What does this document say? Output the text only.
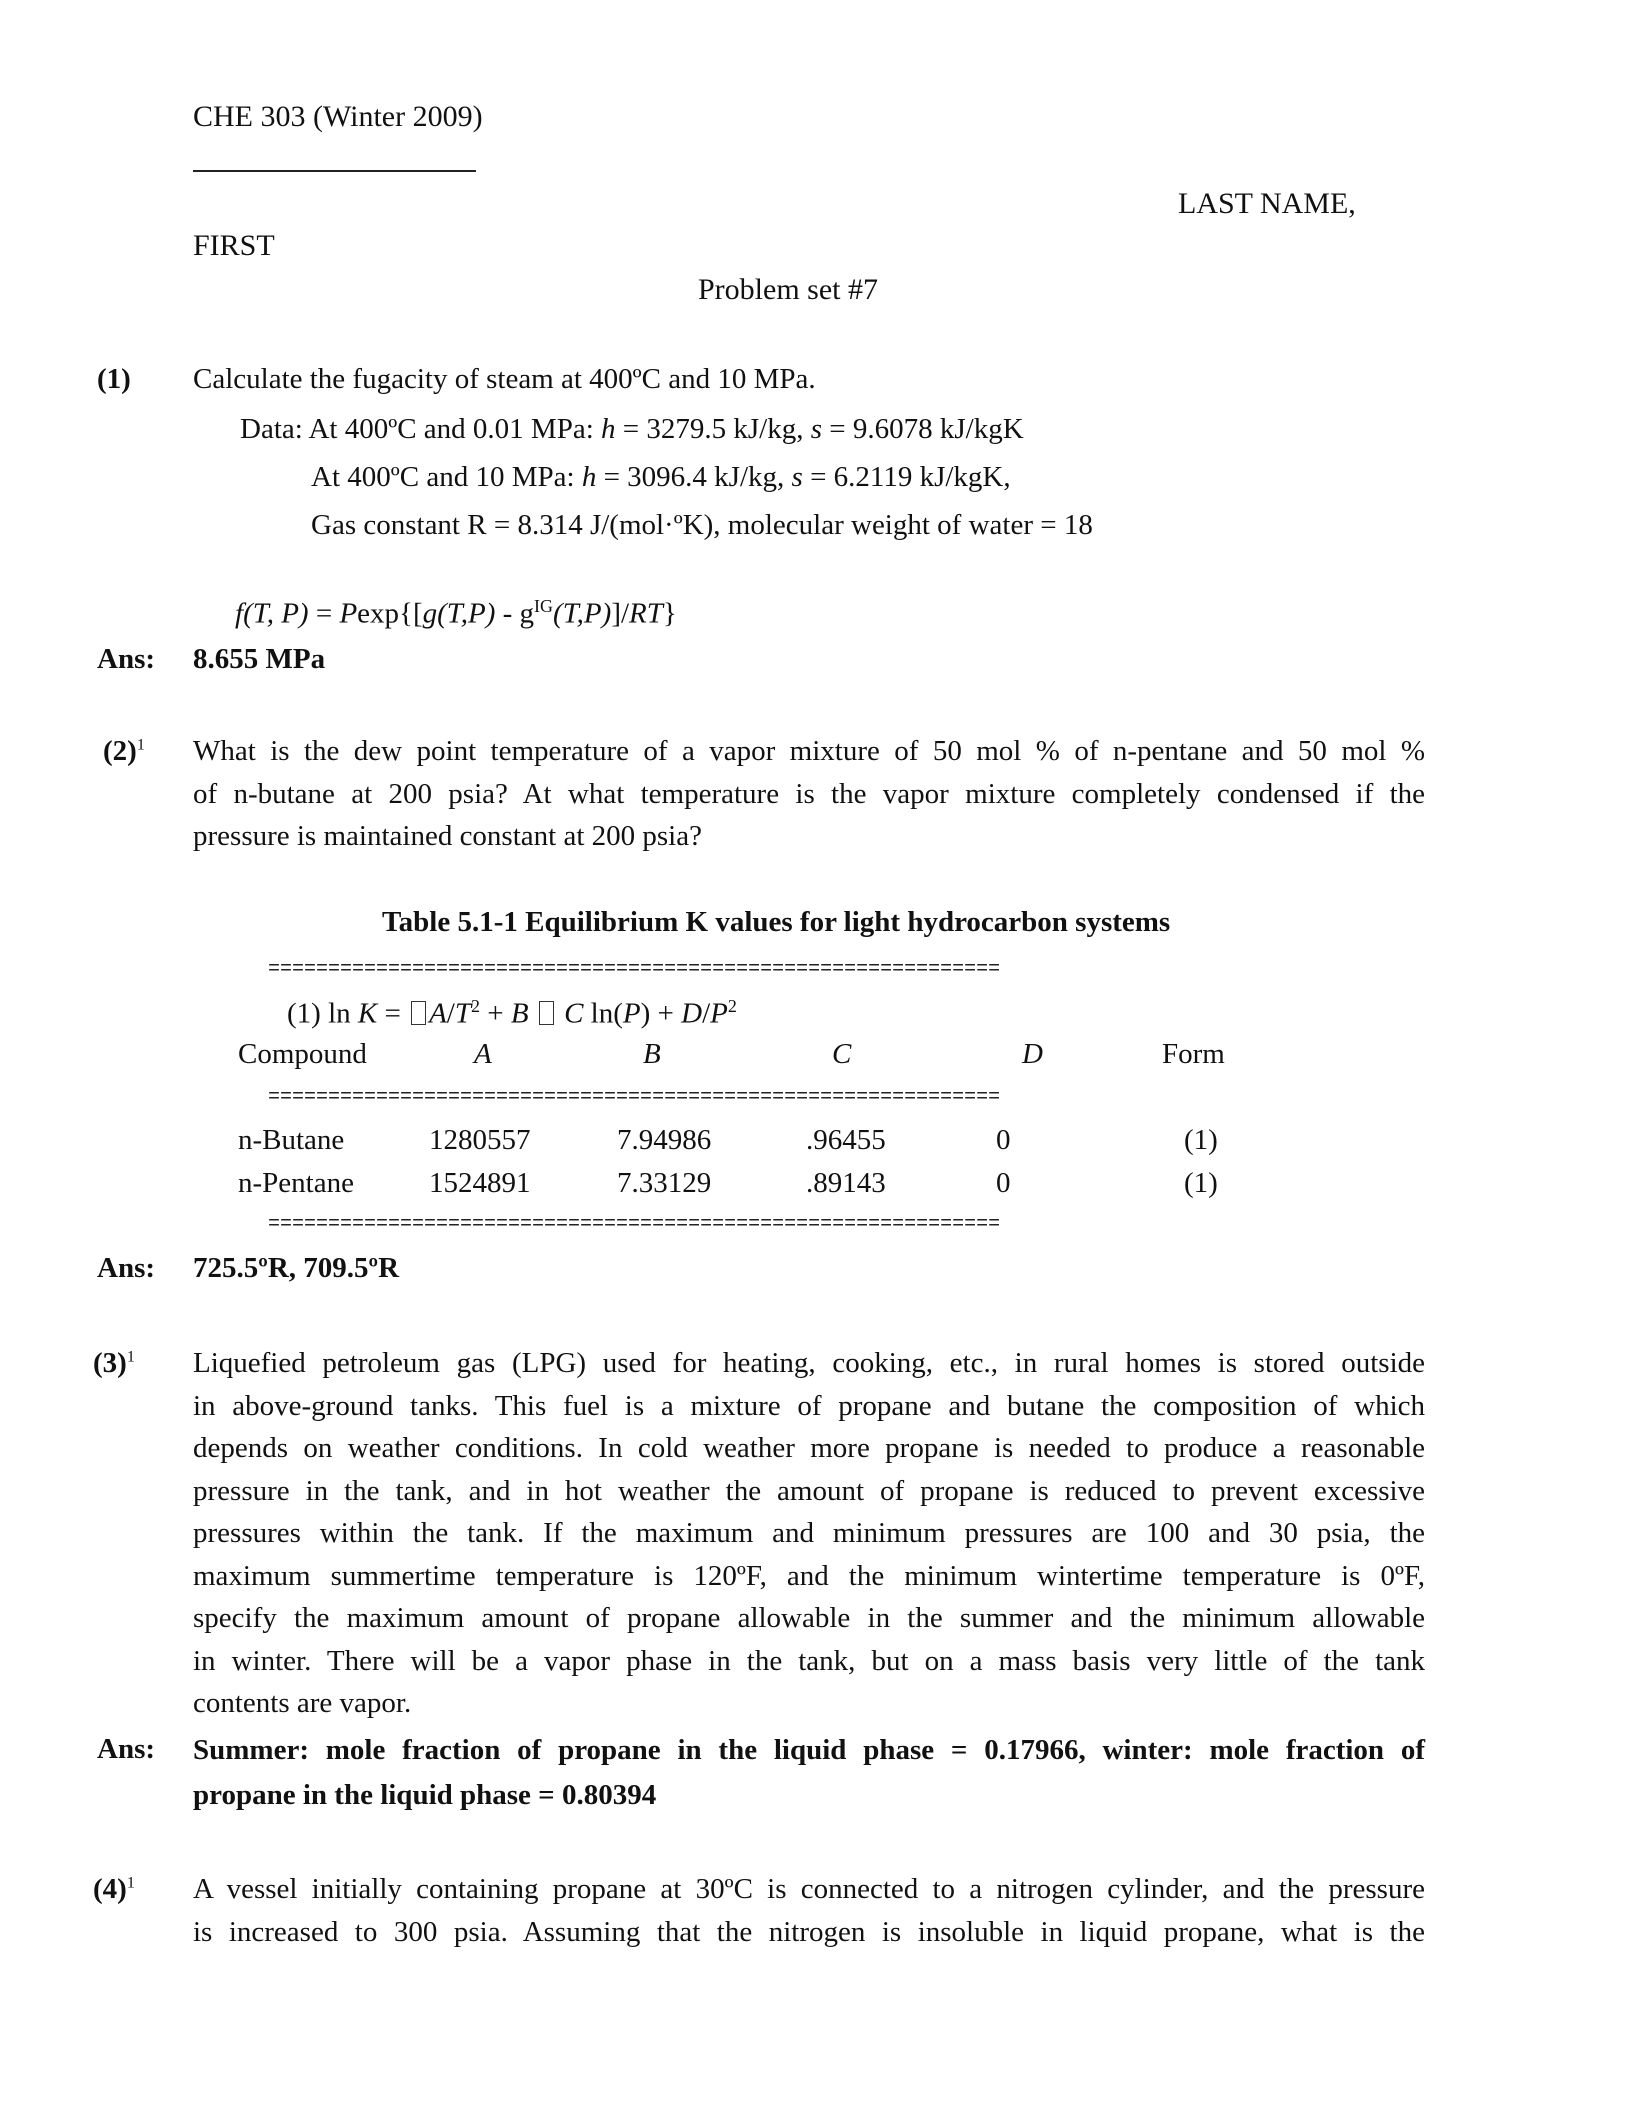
CHE 303 (Winter 2009)
LAST NAME,
FIRST
Problem set #7
(1) Calculate the fugacity of steam at 400ºC and 10 MPa.
Data: At 400ºC and 0.01 MPa: h = 3279.5 kJ/kg, s = 9.6078 kJ/kgK
At 400ºC and 10 MPa: h = 3096.4 kJ/kg, s = 6.2119 kJ/kgK,
Gas constant R = 8.314 J/(mol·ºK), molecular weight of water = 18
f(T, $P) = Pexp\{[g(T,P) - g^{IG}(T,P)]/RT\}$
Ans: 8.655 MPa
$(2)^1$ What is the dew point temperature of a vapor mixture of 50 mol % of n-pentane and 50 mol %
of n-butane at 200 psia? At what temperature is the vapor mixture completely condensed if the
pressure is maintained constant at 200 psia?
Table 5.1-1 Equilibrium K values for light hydrocarbon systems
=============================================================
(1) $\ln K = A/T^2 + B$ C $\ln(P) + D/P^2$
Compound	A	B	C	D	Form
=============================================================
n-Butane	1280557	7.94986	.96455	0	(1)
n-Pentane	1524891	7.33129	.89143	0	(1)
=============================================================
Ans: 725.5ºR, 709.5ºR
$(3)^1$ Liquefied petroleum gas (LPG) used for heating, cooking, etc., in rural homes is stored outside
in above-ground tanks. This fuel is a mixture of propane and butane the composition of which
depends on weather conditions. In cold weather more propane is needed to produce a reasonable
pressure in the tank, and in hot weather the amount of propane is reduced to prevent excessive
pressures within the tank. If the maximum and minimum pressures are 100 and 30 psia, the
maximum summertime temperature is 120ºF, and the minimum wintertime temperature is 0ºF,
specify the maximum amount of propane allowable in the summer and the minimum allowable
in winter. There will be a vapor phase in the tank, but on a mass basis very little of the tank
contents are vapor.
Ans: Summer: mole fraction of propane in the liquid phase = 0.17966, winter: mole fraction of
propane in the liquid phase = 0.80394
$(4)^1$ A vessel initially containing propane at 30ºC is connected to a nitrogen cylinder, and the pressure
is increased to 300 psia. Assuming that the nitrogen is insoluble in liquid propane, what is the
